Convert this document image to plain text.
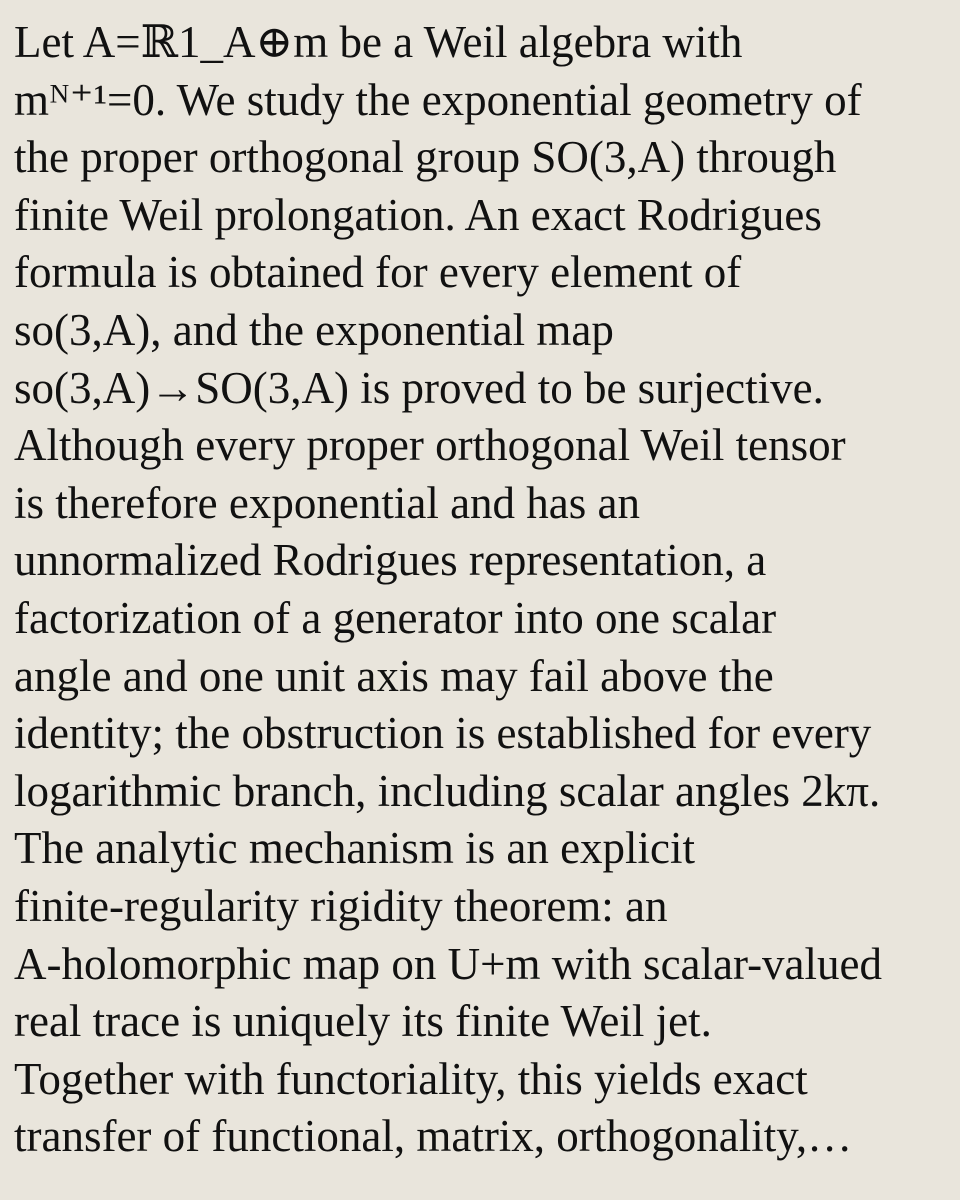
Let A=ℝ1_A⊕m be a Weil algebra with
mᴺ⁺¹=0. We study the exponential geometry of
the proper orthogonal group SO(3,A) through
finite Weil prolongation. An exact Rodrigues
formula is obtained for every element of
so(3,A), and the exponential map
so(3,A)→SO(3,A) is proved to be surjective.
Although every proper orthogonal Weil tensor
is therefore exponential and has an
unnormalized Rodrigues representation, a
factorization of a generator into one scalar
angle and one unit axis may fail above the
identity; the obstruction is established for every
logarithmic branch, including scalar angles 2kπ.
The analytic mechanism is an explicit
finite-regularity rigidity theorem: an
A-holomorphic map on U+m with scalar-valued
real trace is uniquely its finite Weil jet.
Together with functoriality, this yields exact
transfer of functional, matrix, orthogonality,…
